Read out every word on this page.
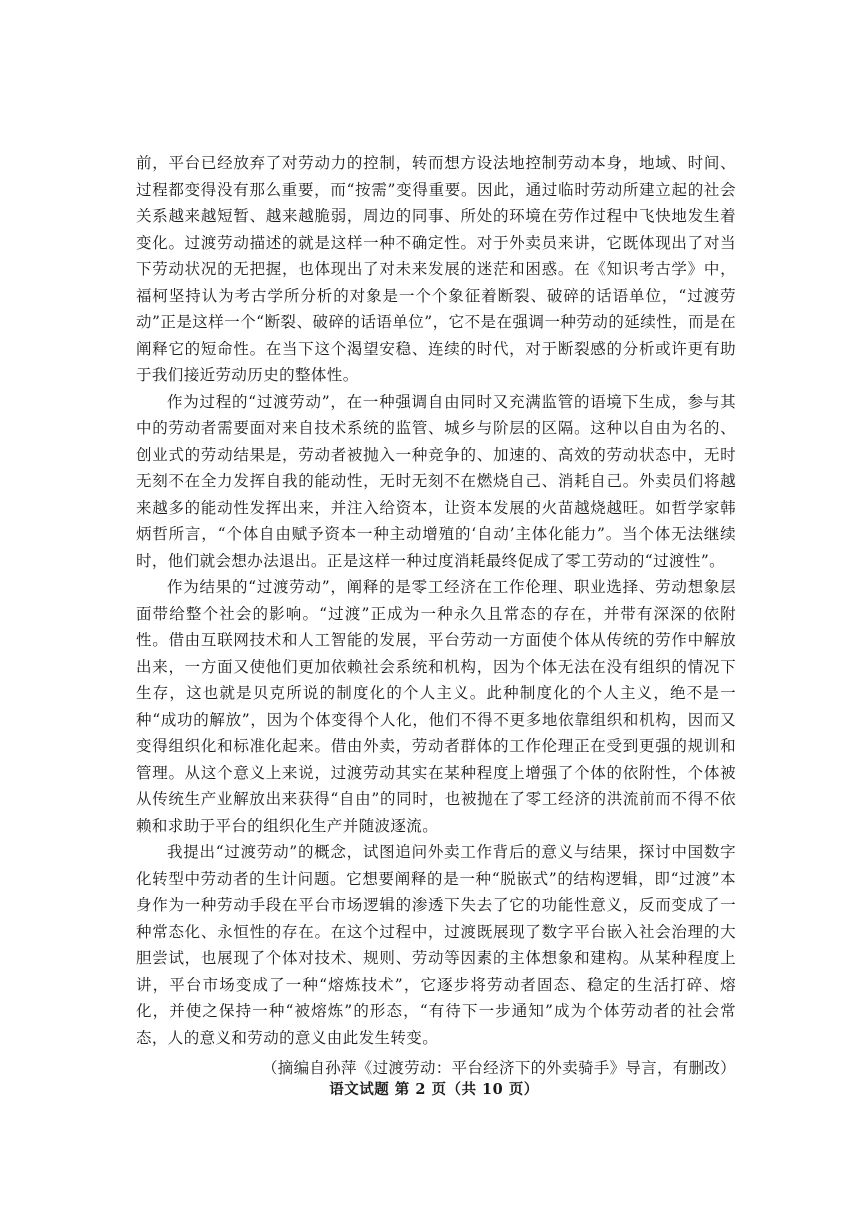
前，平台已经放弃了对劳动力的控制，转而想方设法地控制劳动本身，地域、时间、过程都变得没有那么重要，而“按需”变得重要。因此，通过临时劳动所建立起的社会关系越来越短暂、越来越脆弱，周边的同事、所处的环境在劳作过程中飞快地发生着变化。过渡劳动描述的就是这样一种不确定性。对于外卖员来讲，它既体现出了对当下劳动状况的无把握，也体现出了对未来发展的迷茫和困惑。在《知识考古学》中，福柯坚持认为考古学所分析的对象是一个个象征着断裂、破碎的话语单位，“过渡劳动”正是这样一个“断裂、破碎的话语单位”，它不是在强调一种劳动的延续性，而是在阐释它的短命性。在当下这个渴望安稳、连续的时代，对于断裂感的分析或许更有助于我们接近劳动历史的整体性。

作为过程的“过渡劳动”，在一种强调自由同时又充满监管的语境下生成，参与其中的劳动者需要面对来自技术系统的监管、城乡与阶层的区隔。这种以自由为名的、创业式的劳动结果是，劳动者被抛入一种竞争的、加速的、高效的劳动状态中，无时无刻不在全力发挥自我的能动性，无时无刻不在燃烧自己、消耗自己。外卖员们将越来越多的能动性发挥出来，并注入给资本，让资本发展的火苗越烧越旺。如哲学家韩炳哲所言，“个体自由赋予资本一种主动增殖的‘自动’主体化能力”。当个体无法继续时，他们就会想办法退出。正是这样一种过度消耗最终促成了零工劳动的“过渡性”。

作为结果的“过渡劳动”，阐释的是零工经济在工作伦理、职业选择、劳动想象层面带给整个社会的影响。“过渡”正成为一种永久且常态的存在，并带有深深的依附性。借由互联网技术和人工智能的发展，平台劳动一方面使个体从传统的劳作中解放出来，一方面又使他们更加依赖社会系统和机构，因为个体无法在没有组织的情况下生存，这也就是贝克所说的制度化的个人主义。此种制度化的个人主义，绝不是一种“成功的解放”，因为个体变得个人化，他们不得不更多地依靠组织和机构，因而又变得组织化和标准化起来。借由外卖，劳动者群体的工作伦理正在受到更强的规训和管理。从这个意义上来说，过渡劳动其实在某种程度上增强了个体的依附性，个体被从传统生产业解放出来获得“自由”的同时，也被抛在了零工经济的洪流前而不得不依赖和求助于平台的组织化生产并随波逐流。

我提出“过渡劳动”的概念，试图追问外卖工作背后的意义与结果，探讨中国数字化转型中劳动者的生计问题。它想要阐释的是一种“脱嵌式”的结构逻辑，即“过渡”本身作为一种劳动手段在平台市场逻辑的渗透下失去了它的功能性意义，反而变成了一种常态化、永恒性的存在。在这个过程中，过渡既展现了数字平台嵌入社会治理的大胆尝试，也展现了个体对技术、规则、劳动等因素的主体想象和建构。从某种程度上讲，平台市场变成了一种“熔炼技术”，它逐步将劳动者固态、稳定的生活打碎、熔化，并使之保持一种“被熔炼”的形态，“有待下一步通知”成为个体劳动者的社会常态，人的意义和劳动的意义由此发生转变。

（摘编自孙萍《过渡劳动：平台经济下的外卖骑手》导言，有删改）

语文试题 第 2 页（共 10 页）
